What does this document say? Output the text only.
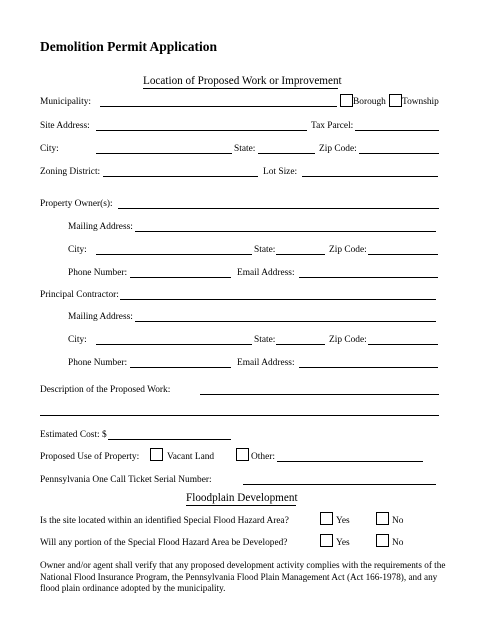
Demolition Permit Application
Location of Proposed Work or Improvement
Municipality:	Borough Township
Site Address:	Tax Parcel:
City:	State:	Zip Code:
Zoning District:	Lot Size:
Property Owner(s):
Mailing Address:
City:	State:	Zip Code:
Phone Number:	Email Address:
Principal Contractor:
Mailing Address:
City:	State:	Zip Code:
Phone Number:	Email Address:
Description of the Proposed Work:
Estimated Cost: $
Proposed Use of Property:	Vacant Land	Other:
Pennsylvania One Call Ticket Serial Number:
Floodplain Development
Is the site located within an identified Special Flood Hazard Area?	Yes	No
Will any portion of the Special Flood Hazard Area be Developed?	Yes	No
Owner and/or agent shall verify that any proposed development activity complies with the requirements of the National Flood Insurance Program, the Pennsylvania Flood Plain Management Act (Act 166-1978), and any flood plain ordinance adopted by the municipality.
